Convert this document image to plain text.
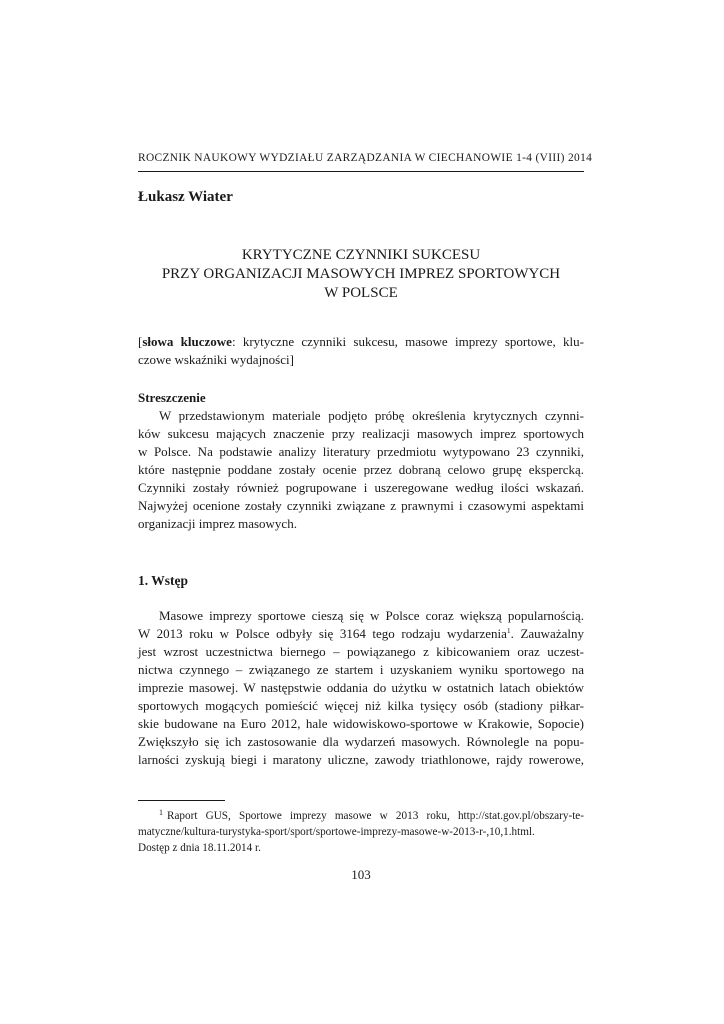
ROCZNIK NAUKOWY WYDZIAŁU ZARZĄDZANIA W CIECHANOWIE 1-4 (VIII) 2014
Łukasz Wiater
KRYTYCZNE CZYNNIKI SUKCESU
PRZY ORGANIZACJI MASOWYCH IMPREZ SPORTOWYCH
W POLSCE
[słowa kluczowe: krytyczne czynniki sukcesu, masowe imprezy sportowe, klu-
czowe wskaźniki wydajności]
Streszczenie
W przedstawionym materiale podjęto próbę określenia krytycznych czynni-
ków sukcesu mających znaczenie przy realizacji masowych imprez sportowych
w Polsce. Na podstawie analizy literatury przedmiotu wytypowano 23 czynniki,
które następnie poddane zostały ocenie przez dobraną celowo grupę ekspercką.
Czynniki zostały również pogrupowane i uszeregowane według ilości wskazań.
Najwyżej ocenione zostały czynniki związane z prawnymi i czasowymi aspektami
organizacji imprez masowych.
1. Wstęp
Masowe imprezy sportowe cieszą się w Polsce coraz większą popularnością.
W 2013 roku w Polsce odbyły się 3164 tego rodzaju wydarzenia$^1$. Zauważalny
jest wzrost uczestnictwa biernego – powiązanego z kibicowaniem oraz uczest-
nictwa czynnego – związanego ze startem i uzyskaniem wyniku sportowego na
imprezie masowej. W następstwie oddania do użytku w ostatnich latach obiektów
sportowych mogących pomieścić więcej niż kilka tysięcy osób (stadiony piłkar-
skie budowane na Euro 2012, hale widowiskowo-sportowe w Krakowie, Sopocie)
Zwiększyło się ich zastosowanie dla wydarzeń masowych. Równolegle na popu-
larności zyskują biegi i maratony uliczne, zawody triathlonowe, rajdy rowerowe,
$^1$ Raport GUS, Sportowe imprezy masowe w 2013 roku, http://stat.gov.pl/obszary-te-
matyczne/kultura-turystyka-sport/sport/sportowe-imprezy-masowe-w-2013-r-,10,1.html.
Dostęp z dnia 18.11.2014 r.
103
